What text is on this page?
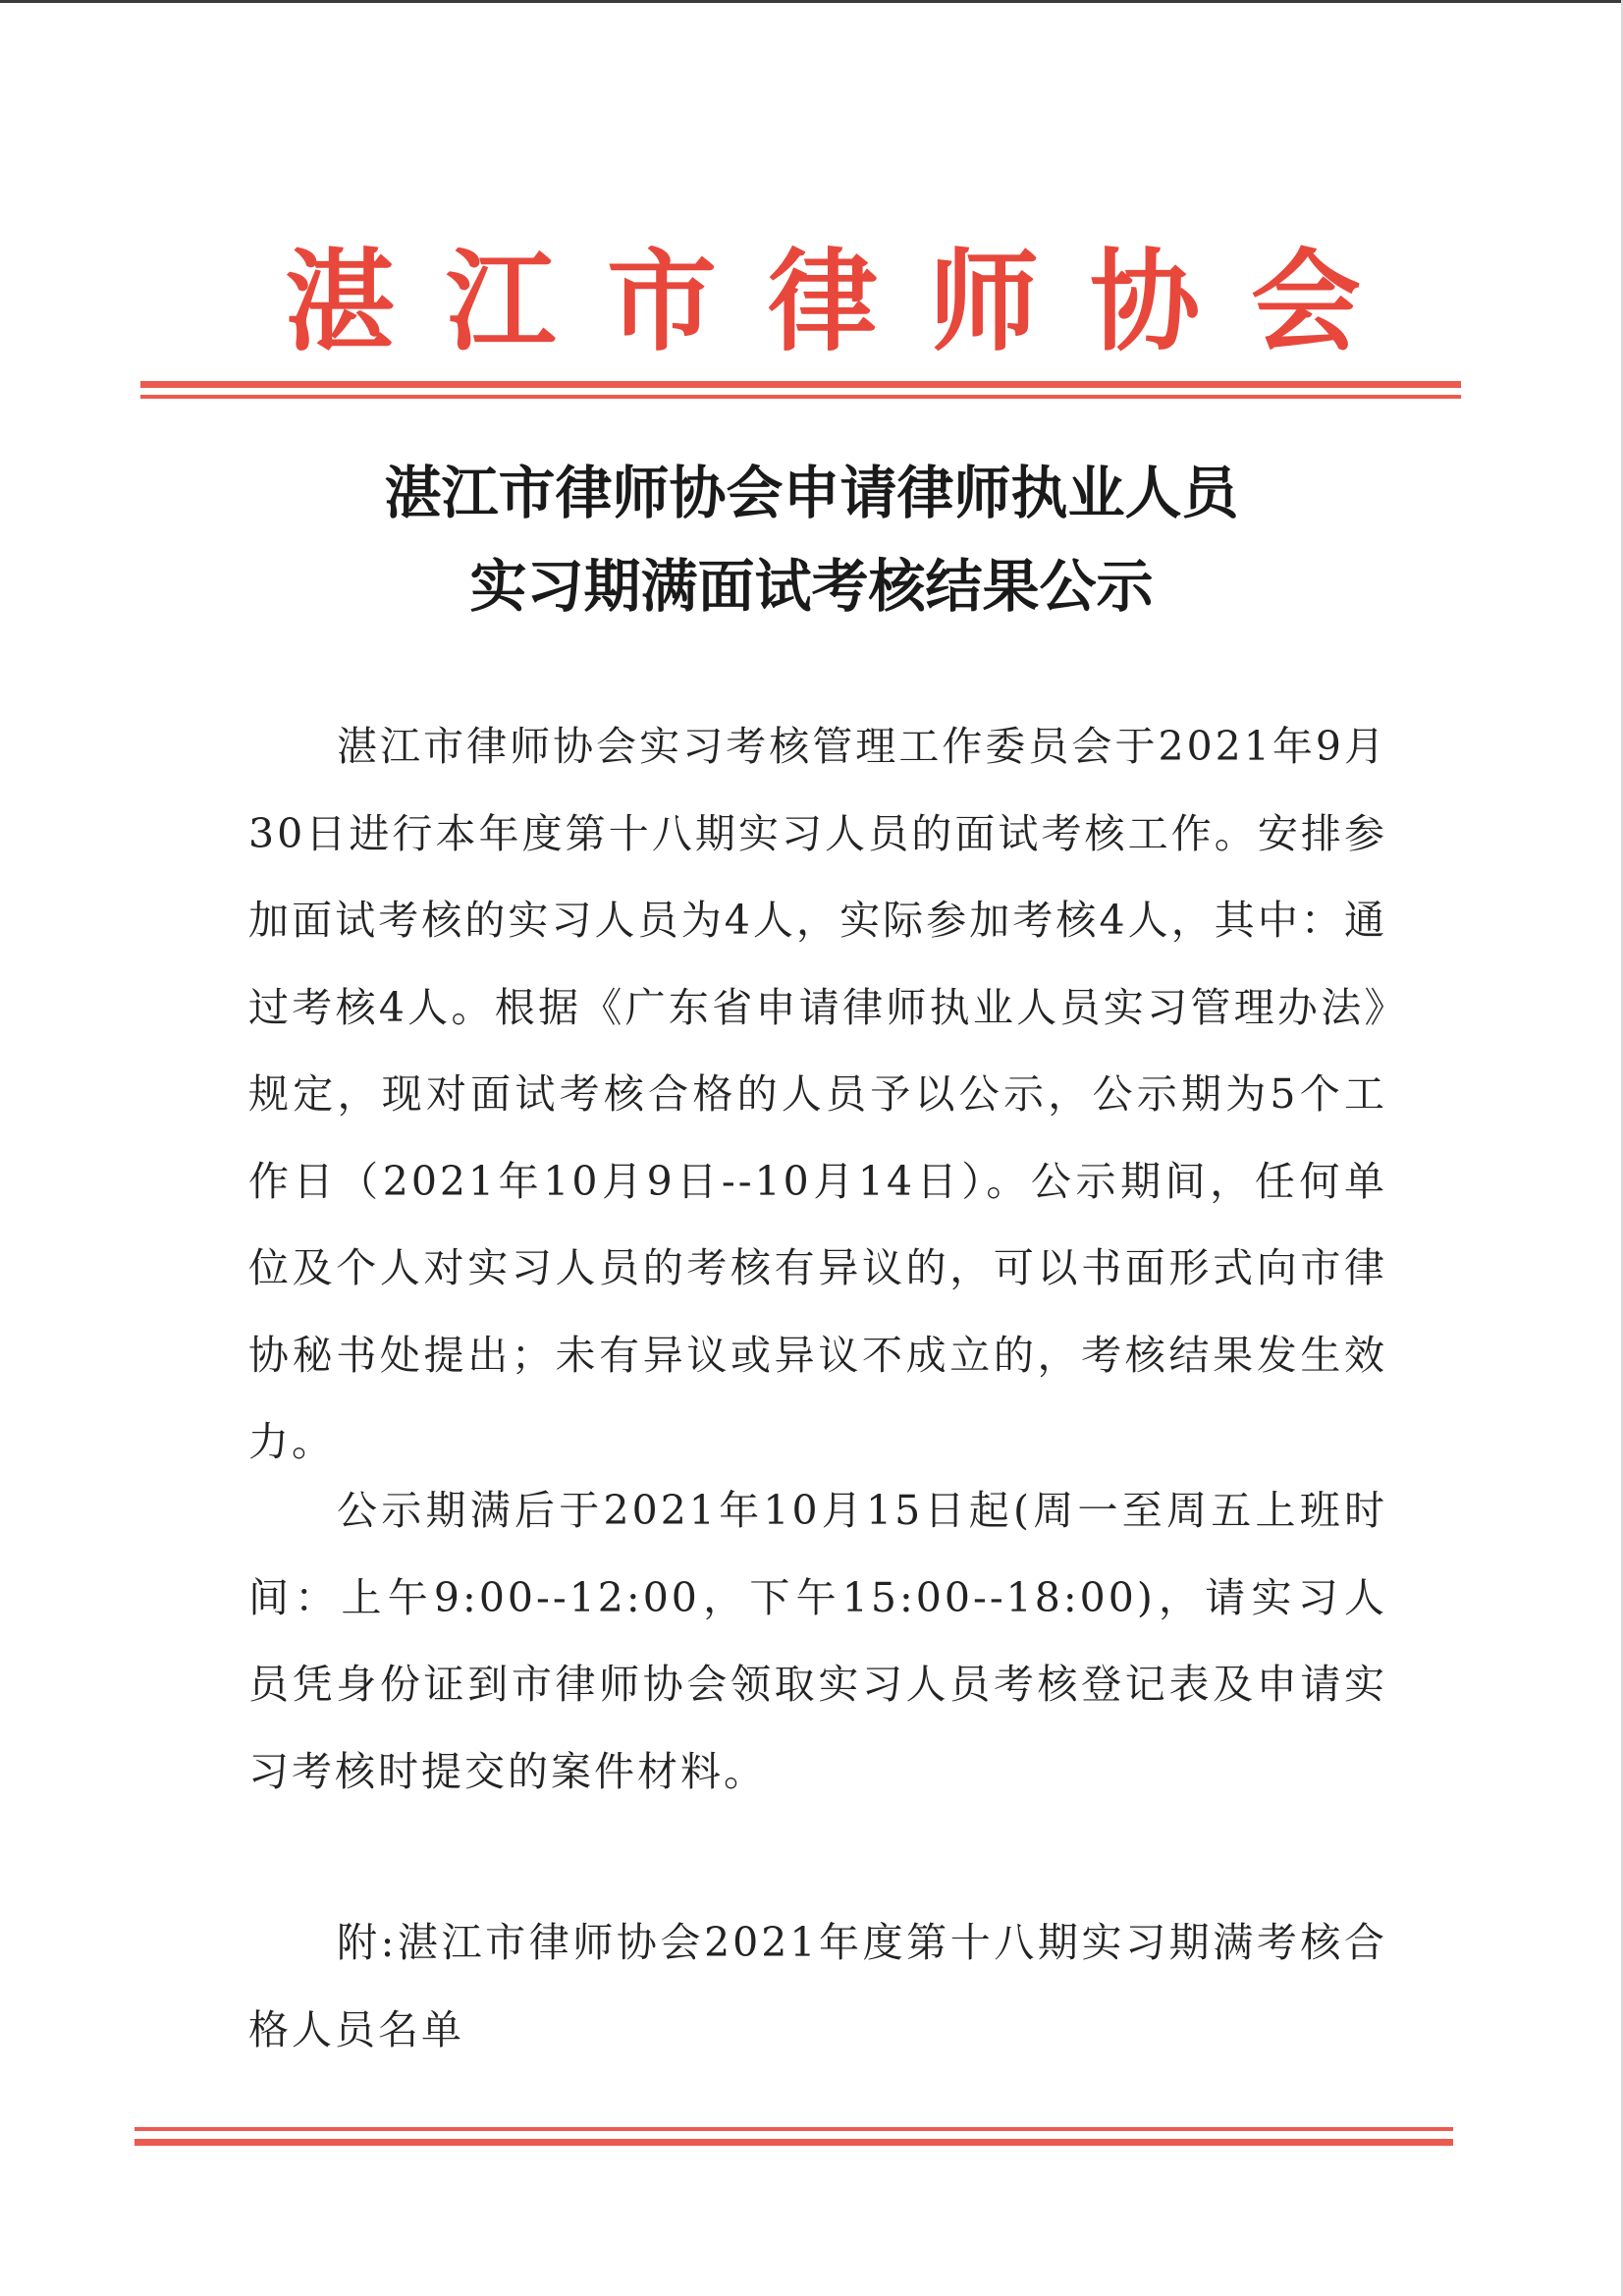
湛江市律师协会
湛江市律师协会申请律师执业人员
实习期满面试考核结果公示

湛江市律师协会实习考核管理工作委员会于2021年9月30日进行本年度第十八期实习人员的面试考核工作。安排参加面试考核的实习人员为4人，实际参加考核4人，其中：通过考核4人。根据《广东省申请律师执业人员实习管理办法》规定，现对面试考核合格的人员予以公示，公示期为5个工作日（2021年10月9日--10月14日）。公示期间，任何单位及个人对实习人员的考核有异议的，可以书面形式向市律协秘书处提出；未有异议或异议不成立的，考核结果发生效力。

公示期满后于2021年10月15日起(周一至周五上班时间：上午9:00--12:00，下午15:00--18:00)，请实习人员凭身份证到市律师协会领取实习人员考核登记表及申请实习考核时提交的案件材料。

附:湛江市律师协会2021年度第十八期实习期满考核合格人员名单
